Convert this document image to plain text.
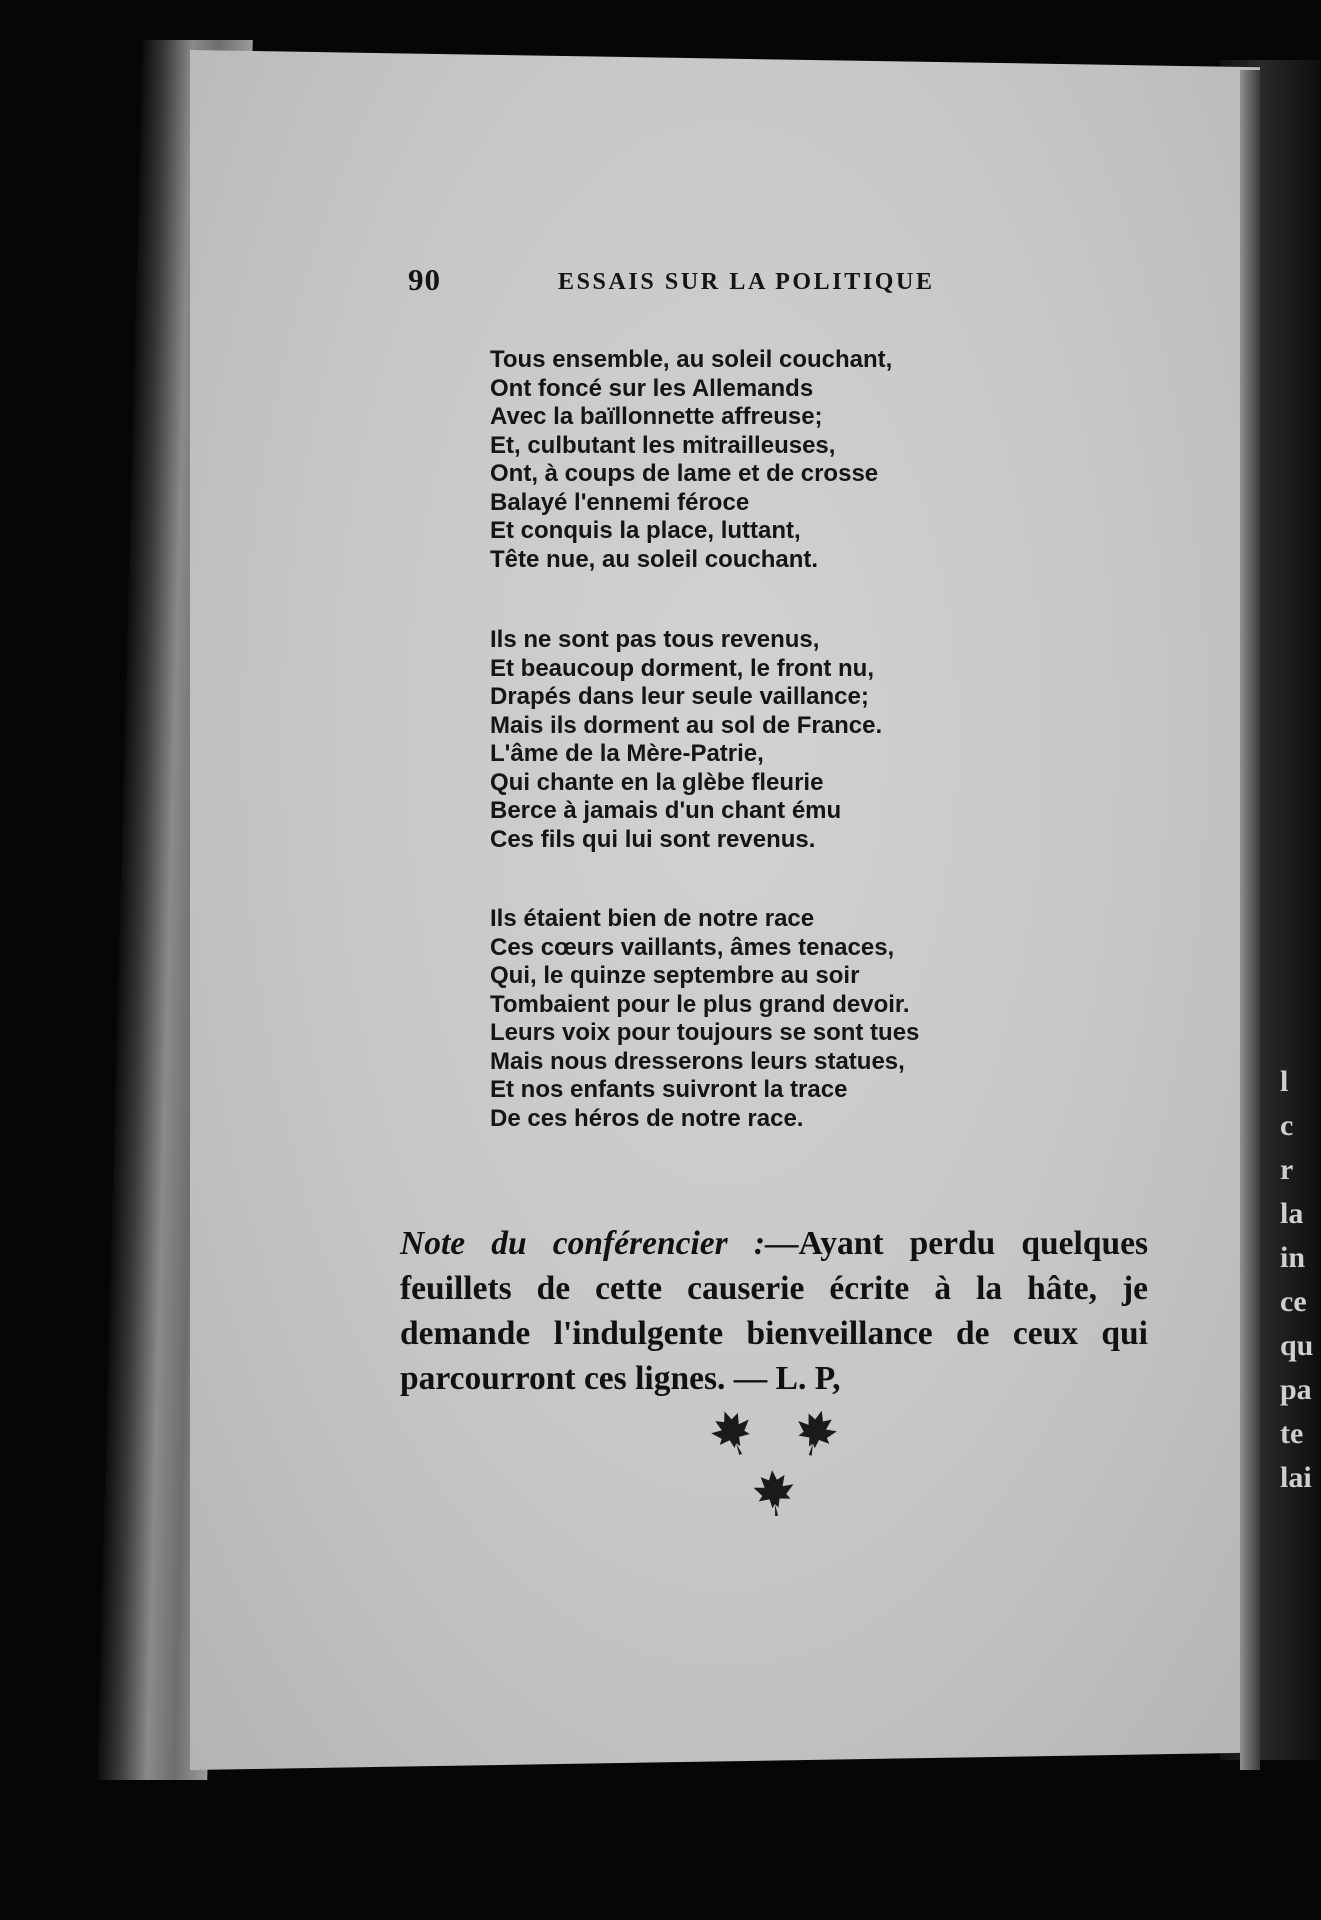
90	ESSAIS SUR LA POLITIQUE
Tous ensemble, au soleil couchant,
Ont foncé sur les Allemands
Avec la baïllonnette affreuse;
Et, culbutant les mitrailleuses,
Ont, à coups de lame et de crosse
Balayé l'ennemi féroce
Et conquis la place, luttant,
Tête nue, au soleil couchant.
Ils ne sont pas tous revenus,
Et beaucoup dorment, le front nu,
Drapés dans leur seule vaillance;
Mais ils dorment au sol de France.
L'âme de la Mère-Patrie,
Qui chante en la glèbe fleurie
Berce à jamais d'un chant ému
Ces fils qui lui sont revenus.
Ils étaient bien de notre race
Ces cœurs vaillants, âmes tenaces,
Qui, le quinze septembre au soir
Tombaient pour le plus grand devoir.
Leurs voix pour toujours se sont tues
Mais nous dresserons leurs statues,
Et nos enfants suivront la trace
De ces héros de notre race.

Note du conférencier :—Ayant perdu quelques feuillets de cette causerie écrite à la hâte, je demande l'indulgente bienveillance de ceux qui parcourront ces lignes. — L. P,

l
c
r
la
in
ce
qu
pa
te
lai
